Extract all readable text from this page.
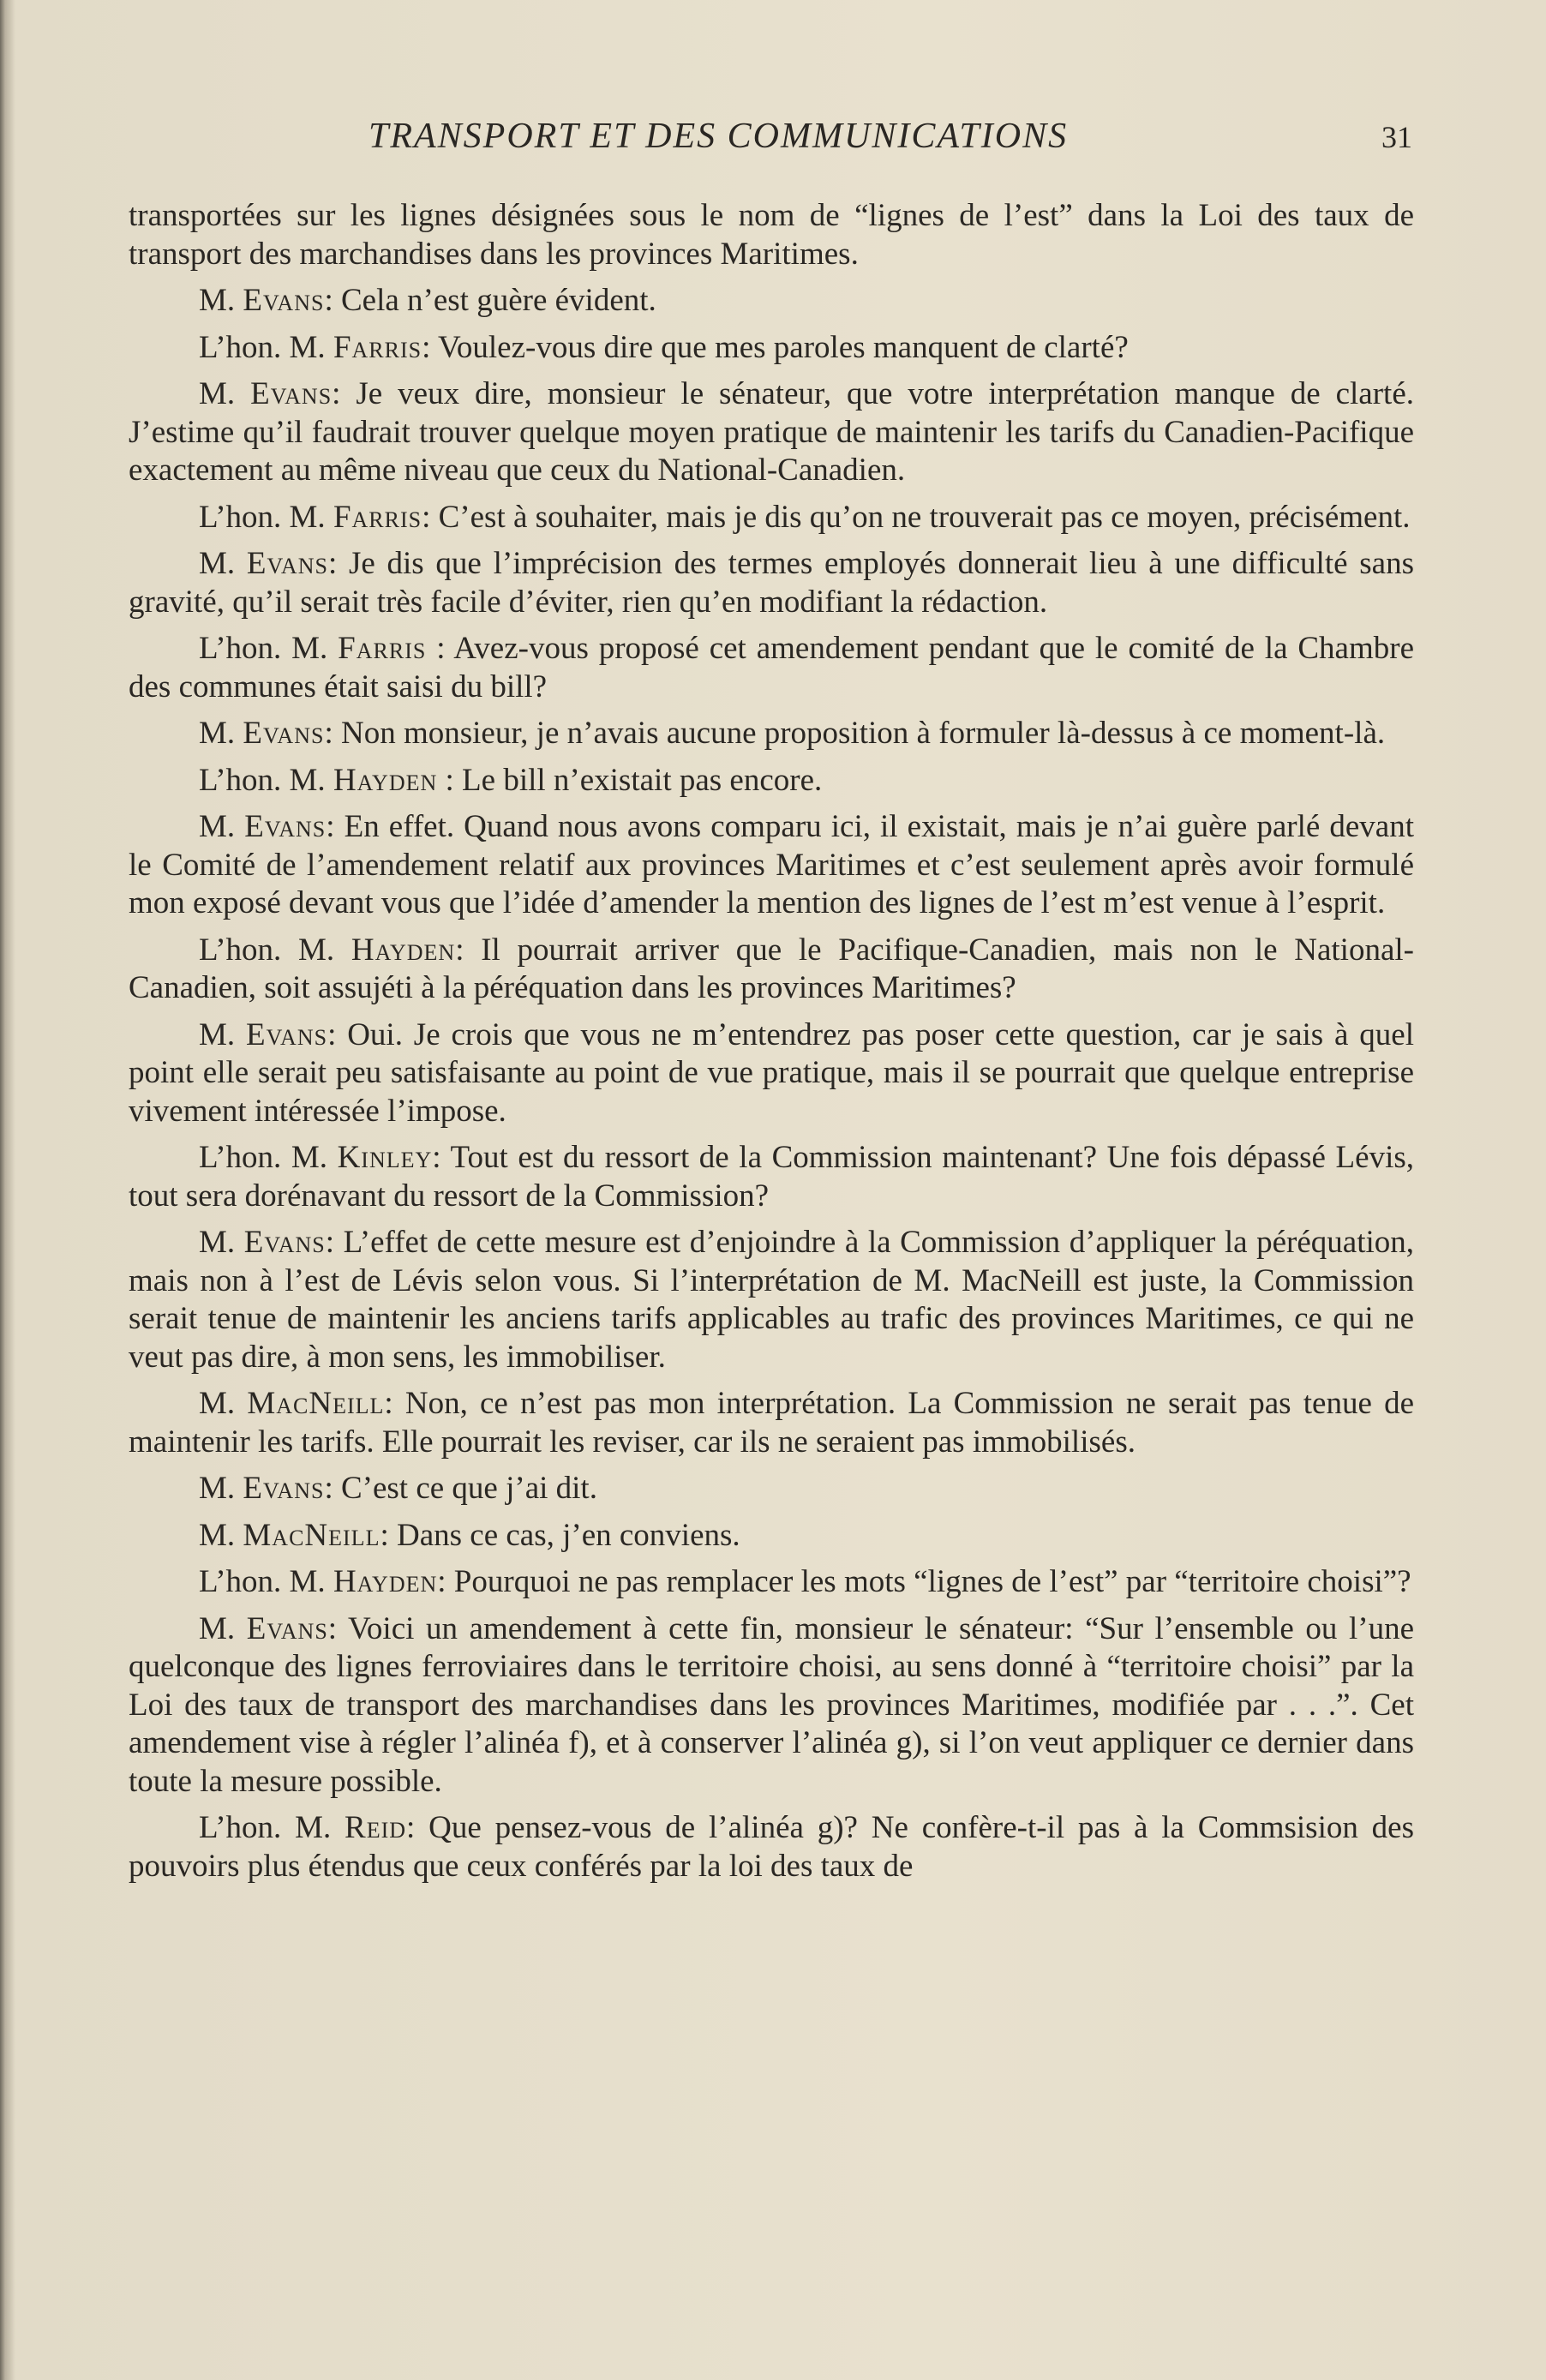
TRANSPORT ET DES COMMUNICATIONS	31

transportées sur les lignes désignées sous le nom de “lignes de l’est” dans la Loi des taux de transport des marchandises dans les provinces Maritimes.

M. Evans: Cela n’est guère évident.

L’hon. M. Farris: Voulez-vous dire que mes paroles manquent de clarté?

M. Evans: Je veux dire, monsieur le sénateur, que votre interprétation manque de clarté. J’estime qu’il faudrait trouver quelque moyen pratique de maintenir les tarifs du Canadien-Pacifique exactement au même niveau que ceux du National-Canadien.

L’hon. M. Farris: C’est à souhaiter, mais je dis qu’on ne trouverait pas ce moyen, précisément.

M. Evans: Je dis que l’imprécision des termes employés donnerait lieu à une difficulté sans gravité, qu’il serait très facile d’éviter, rien qu’en modifiant la rédaction.

L’hon. M. Farris : Avez-vous proposé cet amendement pendant que le comité de la Chambre des communes était saisi du bill?

M. Evans: Non monsieur, je n’avais aucune proposition à formuler là-dessus à ce moment-là.

L’hon. M. Hayden : Le bill n’existait pas encore.

M. Evans: En effet. Quand nous avons comparu ici, il existait, mais je n’ai guère parlé devant le Comité de l’amendement relatif aux provinces Maritimes et c’est seulement après avoir formulé mon exposé devant vous que l’idée d’amender la mention des lignes de l’est m’est venue à l’esprit.

L’hon. M. Hayden: Il pourrait arriver que le Pacifique-Canadien, mais non le National-Canadien, soit assujéti à la péréquation dans les provinces Maritimes?

M. Evans: Oui. Je crois que vous ne m’entendrez pas poser cette question, car je sais à quel point elle serait peu satisfaisante au point de vue pratique, mais il se pourrait que quelque entreprise vivement intéressée l’impose.

L’hon. M. Kinley: Tout est du ressort de la Commission maintenant? Une fois dépassé Lévis, tout sera dorénavant du ressort de la Commission?

M. Evans: L’effet de cette mesure est d’enjoindre à la Commission d’appliquer la péréquation, mais non à l’est de Lévis selon vous. Si l’interprétation de M. MacNeill est juste, la Commission serait tenue de maintenir les anciens tarifs applicables au trafic des provinces Maritimes, ce qui ne veut pas dire, à mon sens, les immobiliser.

M. MacNeill: Non, ce n’est pas mon interprétation. La Commission ne serait pas tenue de maintenir les tarifs. Elle pourrait les reviser, car ils ne seraient pas immobilisés.

M. Evans: C’est ce que j’ai dit.

M. MacNeill: Dans ce cas, j’en conviens.

L’hon. M. Hayden: Pourquoi ne pas remplacer les mots “lignes de l’est” par “territoire choisi”?

M. Evans: Voici un amendement à cette fin, monsieur le sénateur: “Sur l’ensemble ou l’une quelconque des lignes ferroviaires dans le territoire choisi, au sens donné à “territoire choisi” par la Loi des taux de transport des marchandises dans les provinces Maritimes, modifiée par . . .”. Cet amendement vise à régler l’alinéa f), et à conserver l’alinéa g), si l’on veut appliquer ce dernier dans toute la mesure possible.

L’hon. M. Reid: Que pensez-vous de l’alinéa g)? Ne confère-t-il pas à la Commsision des pouvoirs plus étendus que ceux conférés par la loi des taux de
